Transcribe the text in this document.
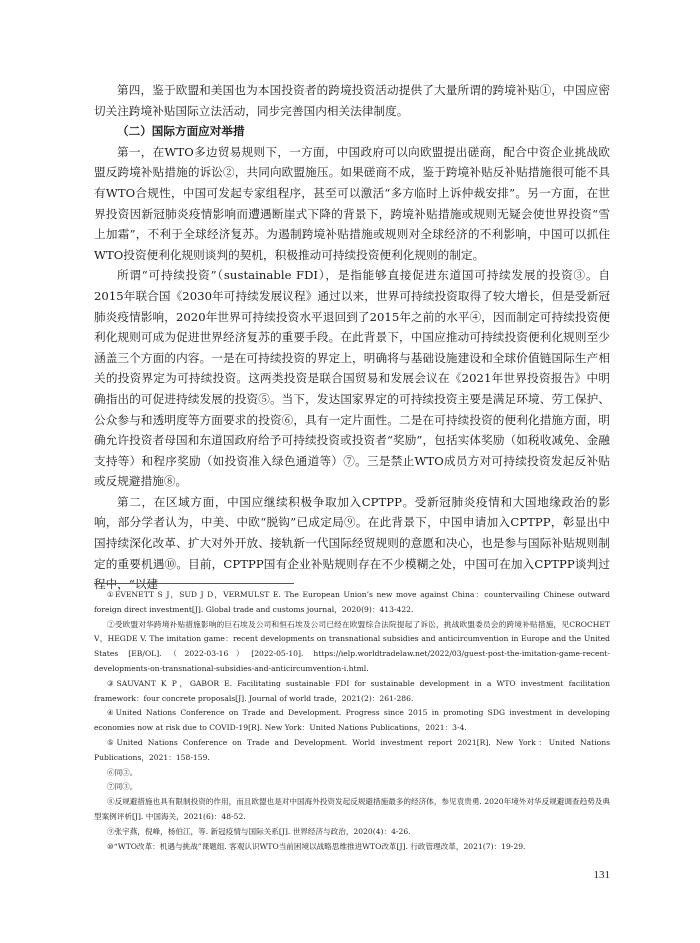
第四，鉴于欧盟和美国也为本国投资者的跨境投资活动提供了大量所谓的跨境补贴①，中国应密切关注跨境补贴国际立法活动，同步完善国内相关法律制度。

（二）国际方面应对举措

第一，在WTO多边贸易规则下，一方面，中国政府可以向欧盟提出磋商，配合中资企业挑战欧盟反跨境补贴措施的诉讼②，共同向欧盟施压。如果磋商不成，鉴于跨境补贴反补贴措施很可能不具有WTO合规性，中国可发起专家组程序，甚至可以激活“多方临时上诉仲裁安排”。另一方面，在世界投资因新冠肺炎疫情影响而遭遇断崖式下降的背景下，跨境补贴措施或规则无疑会使世界投资“雪上加霜”，不利于全球经济复苏。为遏制跨境补贴措施或规则对全球经济的不利影响，中国可以抓住WTO投资便利化规则谈判的契机，积极推动可持续投资便利化规则的制定。

所谓“可持续投资”（sustainable FDI），是指能够直接促进东道国可持续发展的投资③。自2015年联合国《2030年可持续发展议程》通过以来，世界可持续投资取得了较大增长，但是受新冠肺炎疫情影响，2020年世界可持续投资水平退回到了2015年之前的水平④，因而制定可持续投资便利化规则可成为促进世界经济复苏的重要手段。在此背景下，中国应推动可持续投资便利化规则至少涵盖三个方面的内容。一是在可持续投资的界定上，明确将与基础设施建设和全球价值链国际生产相关的投资界定为可持续投资。这两类投资是联合国贸易和发展会议在《2021年世界投资报告》中明确指出的可促进持续发展的投资⑤。当下，发达国家界定的可持续投资主要是满足环境、劳工保护、公众参与和透明度等方面要求的投资⑥，具有一定片面性。二是在可持续投资的便利化措施方面，明确允许投资者母国和东道国政府给予可持续投资或投资者“奖励”，包括实体奖励（如税收减免、金融支持等）和程序奖励（如投资准入绿色通道等）⑦。三是禁止WTO成员方对可持续投资发起反补贴或反规避措施⑧。

第二，在区域方面，中国应继续积极争取加入CPTPP。受新冠肺炎疫情和大国地缘政治的影响，部分学者认为，中美、中欧“脱钩”已成定局⑨。在此背景下，中国申请加入CPTPP，彰显出中国持续深化改革、扩大对外开放、接轨新一代国际经贸规则的意愿和决心，也是参与国际补贴规则制定的重要机遇⑩。目前，CPTPP国有企业补贴规则存在不少模糊之处，中国可在加入CPTPP谈判过程中，“以建

①EVENETT S J，SUD J D，VERMULST E. The European Union’s new move against China：countervailing Chinese outward foreign direct investment[J]. Global trade and customs journal，2020(9)：413-422.

②受欧盟对华跨境补贴措施影响的巨石埃及公司和恒石埃及公司已经在欧盟综合法院提起了诉讼，挑战欧盟委员会的跨境补贴措施，见CROCHET V，HEGDE V. The imitation game：recent developments on transnational subsidies and anticircumvention in Europe and the United States [EB/OL].（2022-03-16）[2022-05-10]. https://ielp.worldtradelaw.net/2022/03/guest-post-the-imitation-game-recent-developments-on-transnational-subsidies-and-anticircumvention-i.html.

③SAUVANT K P，GABOR E. Facilitating sustainable FDI for sustainable development in a WTO investment facilitation framework：four concrete proposals[J]. Journal of world trade，2021(2)：261-286.

④United Nations Conference on Trade and Development. Progress since 2015 in promoting SDG investment in developing economies now at risk due to COVID-19[R]. New York：United Nations Publications，2021：3-4.

⑤United Nations Conference on Trade and Development. World investment report 2021[R]. New York：United Nations Publications，2021：158-159.

⑥同③。

⑦同③。

⑧反规避措施也具有限制投资的作用，而且欧盟也是对中国海外投资发起反规避措施最多的经济体，参见袁贵勇. 2020年境外对华反规避调查趋势及典型案例评析[J]. 中国海关，2021(6)：48-52.

⑨张宇燕，倪峰，杨伯江，等. 新冠疫情与国际关系[J]. 世界经济与政治，2020(4)：4-26.

⑩“WTO改革：机遇与挑战”课题组. 客观认识WTO当前困境以战略思维推进WTO改革[J]. 行政管理改革，2021(7)：19-29.

131
